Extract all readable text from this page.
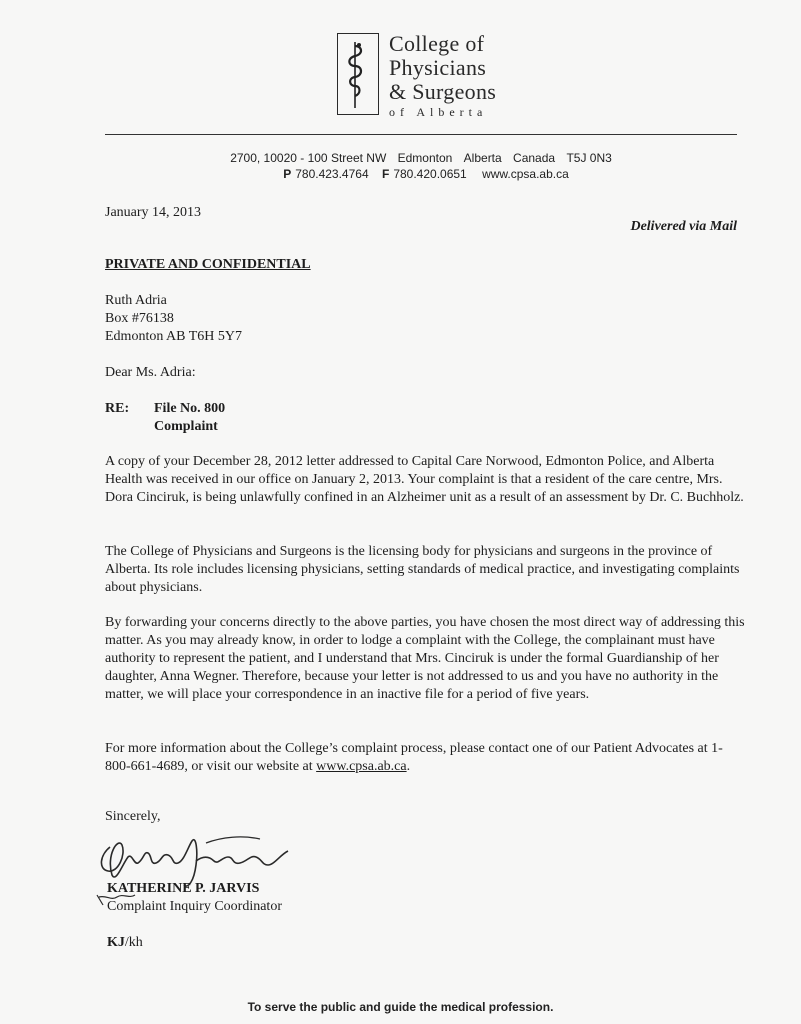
College of
Physicians
& Surgeons
of Alberta
2700, 10020 - 100 Street NW Edmonton Alberta Canada T5J 0N3
P 780.423.4764 F 780.420.0651 www.cpsa.ab.ca
January 14, 2013
Delivered via Mail
PRIVATE AND CONFIDENTIAL
Ruth Adria
Box #76138
Edmonton AB T6H 5Y7
Dear Ms. Adria:
RE: File No. 800
Complaint
A copy of your December 28, 2012 letter addressed to Capital Care Norwood, Edmonton Police, and Alberta Health was received in our office on January 2, 2013. Your complaint is that a resident of the care centre, Mrs. Dora Cinciruk, is being unlawfully confined in an Alzheimer unit as a result of an assessment by Dr. C. Buchholz.
The College of Physicians and Surgeons is the licensing body for physicians and surgeons in the province of Alberta. Its role includes licensing physicians, setting standards of medical practice, and investigating complaints about physicians.
By forwarding your concerns directly to the above parties, you have chosen the most direct way of addressing this matter. As you may already know, in order to lodge a complaint with the College, the complainant must have authority to represent the patient, and I understand that Mrs. Cinciruk is under the formal Guardianship of her daughter, Anna Wegner. Therefore, because your letter is not addressed to us and you have no authority in the matter, we will place your correspondence in an inactive file for a period of five years.
For more information about the College’s complaint process, please contact one of our Patient Advocates at 1-800-661-4689, or visit our website at www.cpsa.ab.ca.
Sincerely,
KATHERINE P. JARVIS
Complaint Inquiry Coordinator
KJ/kh
To serve the public and guide the medical profession.
